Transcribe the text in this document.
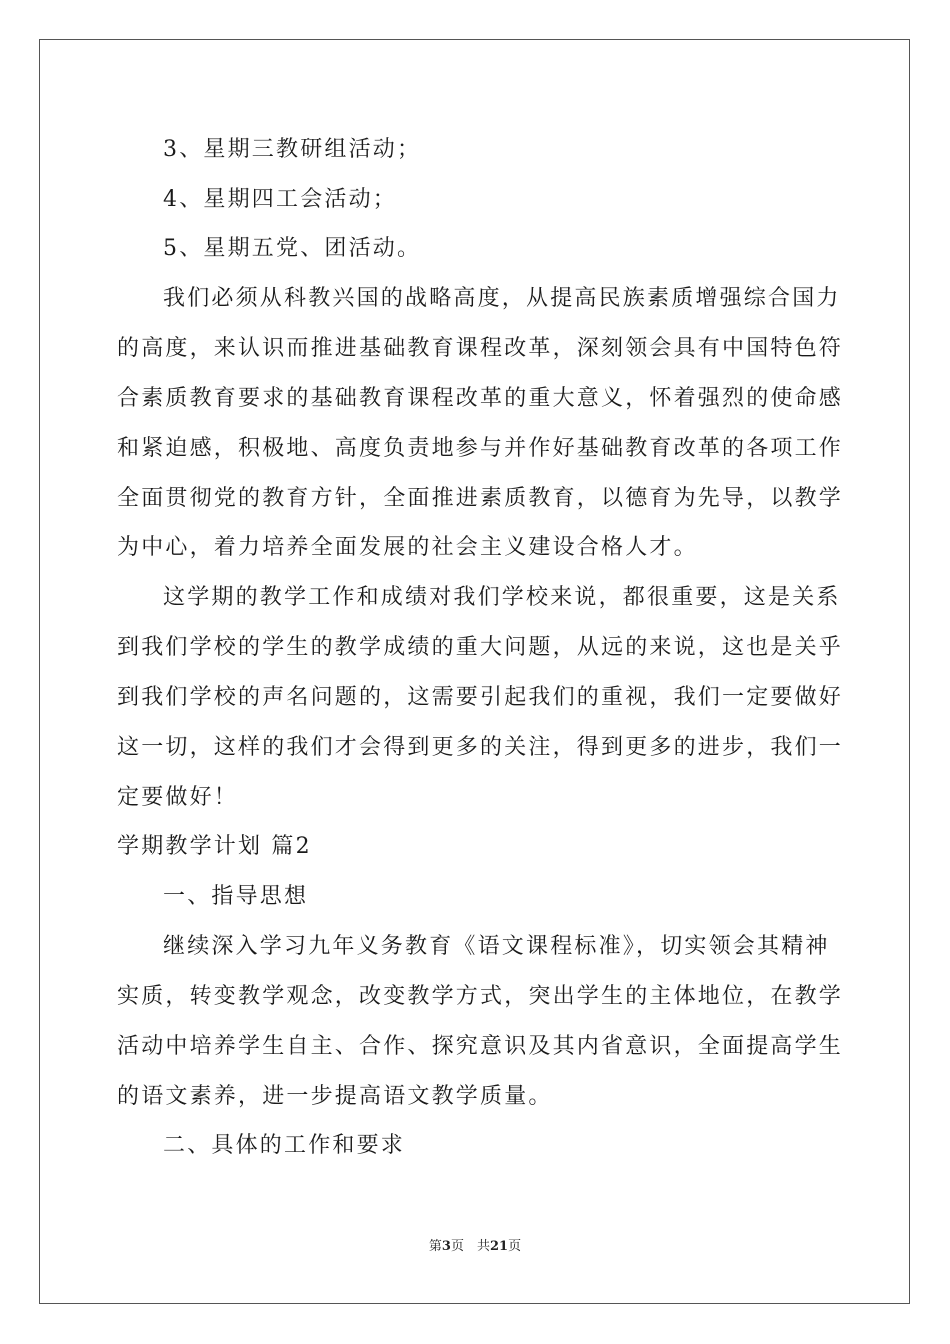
3、星期三教研组活动；
4、星期四工会活动；
5、星期五党、团活动。
我们必须从科教兴国的战略高度，从提高民族素质增强综合国力
的高度，来认识而推进基础教育课程改革，深刻领会具有中国特色符
合素质教育要求的基础教育课程改革的重大意义，怀着强烈的使命感
和紧迫感，积极地、高度负责地参与并作好基础教育改革的各项工作
全面贯彻党的教育方针，全面推进素质教育，以德育为先导，以教学
为中心，着力培养全面发展的社会主义建设合格人才。
这学期的教学工作和成绩对我们学校来说，都很重要，这是关系
到我们学校的学生的教学成绩的重大问题，从远的来说，这也是关乎
到我们学校的声名问题的，这需要引起我们的重视，我们一定要做好
这一切，这样的我们才会得到更多的关注，得到更多的进步，我们一
定要做好！
学期教学计划 篇2
一、指导思想
继续深入学习九年义务教育《语文课程标准》，切实领会其精神
实质，转变教学观念，改变教学方式，突出学生的主体地位，在教学
活动中培养学生自主、合作、探究意识及其内省意识，全面提高学生
的语文素养，进一步提高语文教学质量。
二、具体的工作和要求
第3页　共21页
